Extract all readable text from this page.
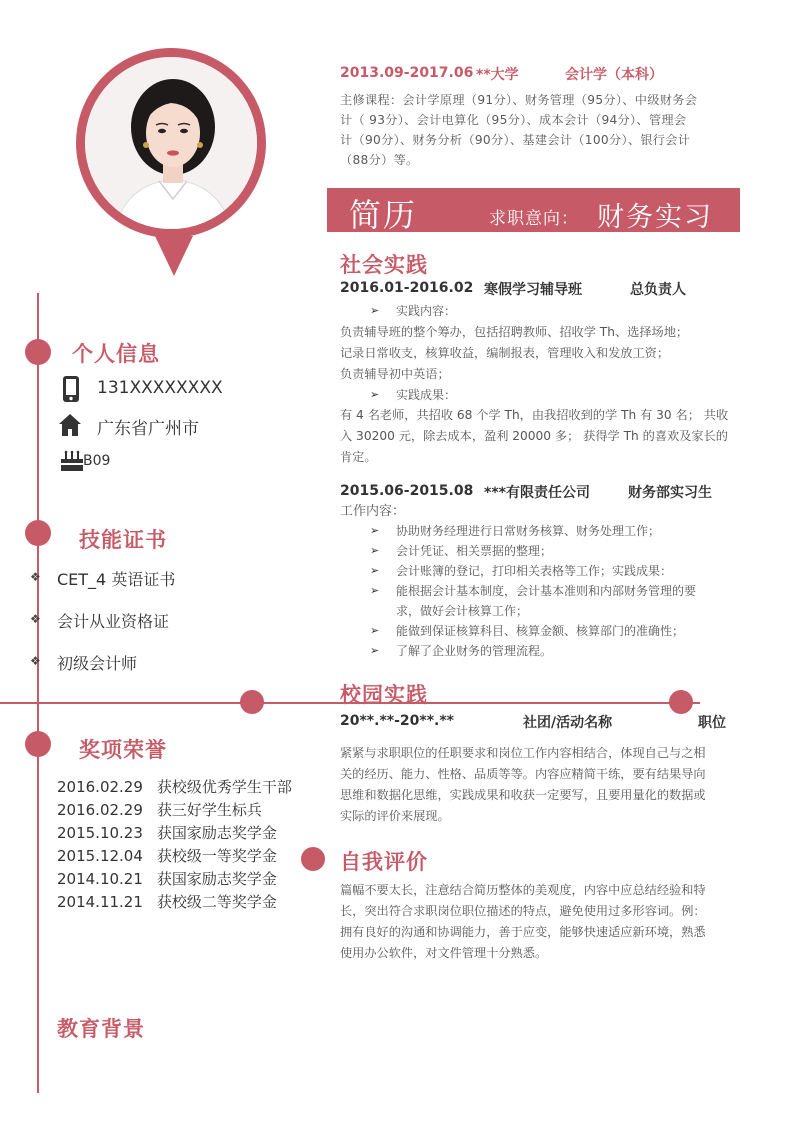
个人信息
131XXXXXXXX
广东省广州市
B09
技能证书
❖ CET_4 英语证书
❖ 会计从业资格证
❖ 初级会计师
奖项荣誉
2016.02.29 获校级优秀学生干部
2016.02.29 获三好学生标兵
2015.10.23 获国家励志奖学金
2015.12.04 获校级一等奖学金
2014.10.21 获国家励志奖学金
2014.11.21 获校级二等奖学金
教育背景
2013.09-2017.06 **大学	会计学（本科）
主修课程：会计学原理（91分）、财务管理（95分）、中级财务会
计（ 93分）、会计电算化（95分）、成本会计（94分）、管理会
计（90分）、财务分析（90分）、基建会计（100分）、银行会计
（88分）等。
简历	求职意向： 财务实习
社会实践
2016.01-2016.02 寒假学习辅导班	总负责人
➢ 实践内容：
负责辅导班的整个筹办，包括招聘教师、招收学 Th、选择场地；
记录日常收支，核算收益，编制报表，管理收入和发放工资；
负责辅导初中英语；
➢ 实践成果：
有 4 名老师，共招收 68 个学 Th，由我招收到的学 Th 有 30 名； 共收
入 30200 元，除去成本，盈利 20000 多； 获得学 Th 的喜欢及家长的
肯定。
2015.06-2015.08 ***有限责任公司	财务部实习生
工作内容：
➢ 协助财务经理进行日常财务核算、财务处理工作；
➢ 会计凭证、相关票据的整理；
➢ 会计账簿的登记，打印相关表格等工作；实践成果：
➢ 能根据会计基本制度，会计基本准则和内部财务管理的要
求，做好会计核算工作；
➢ 能做到保证核算科目、核算金额、核算部门的准确性；
➢ 了解了企业财务的管理流程。
校园实践
20**.**-20**.**	社团/活动名称	职位
紧紧与求职职位的任职要求和岗位工作内容相结合，体现自己与之相
关的经历、能力、性格、品质等等。内容应精简干练，要有结果导向
思维和数据化思维，实践成果和收获一定要写，且要用量化的数据或
实际的评价来展现。
自我评价
篇幅不要太长，注意结合简历整体的美观度，内容中应总结经验和特
长，突出符合求职岗位职位描述的特点，避免使用过多形容词。例：
拥有良好的沟通和协调能力，善于应变，能够快速适应新环境，熟悉
使用办公软件，对文件管理十分熟悉。
